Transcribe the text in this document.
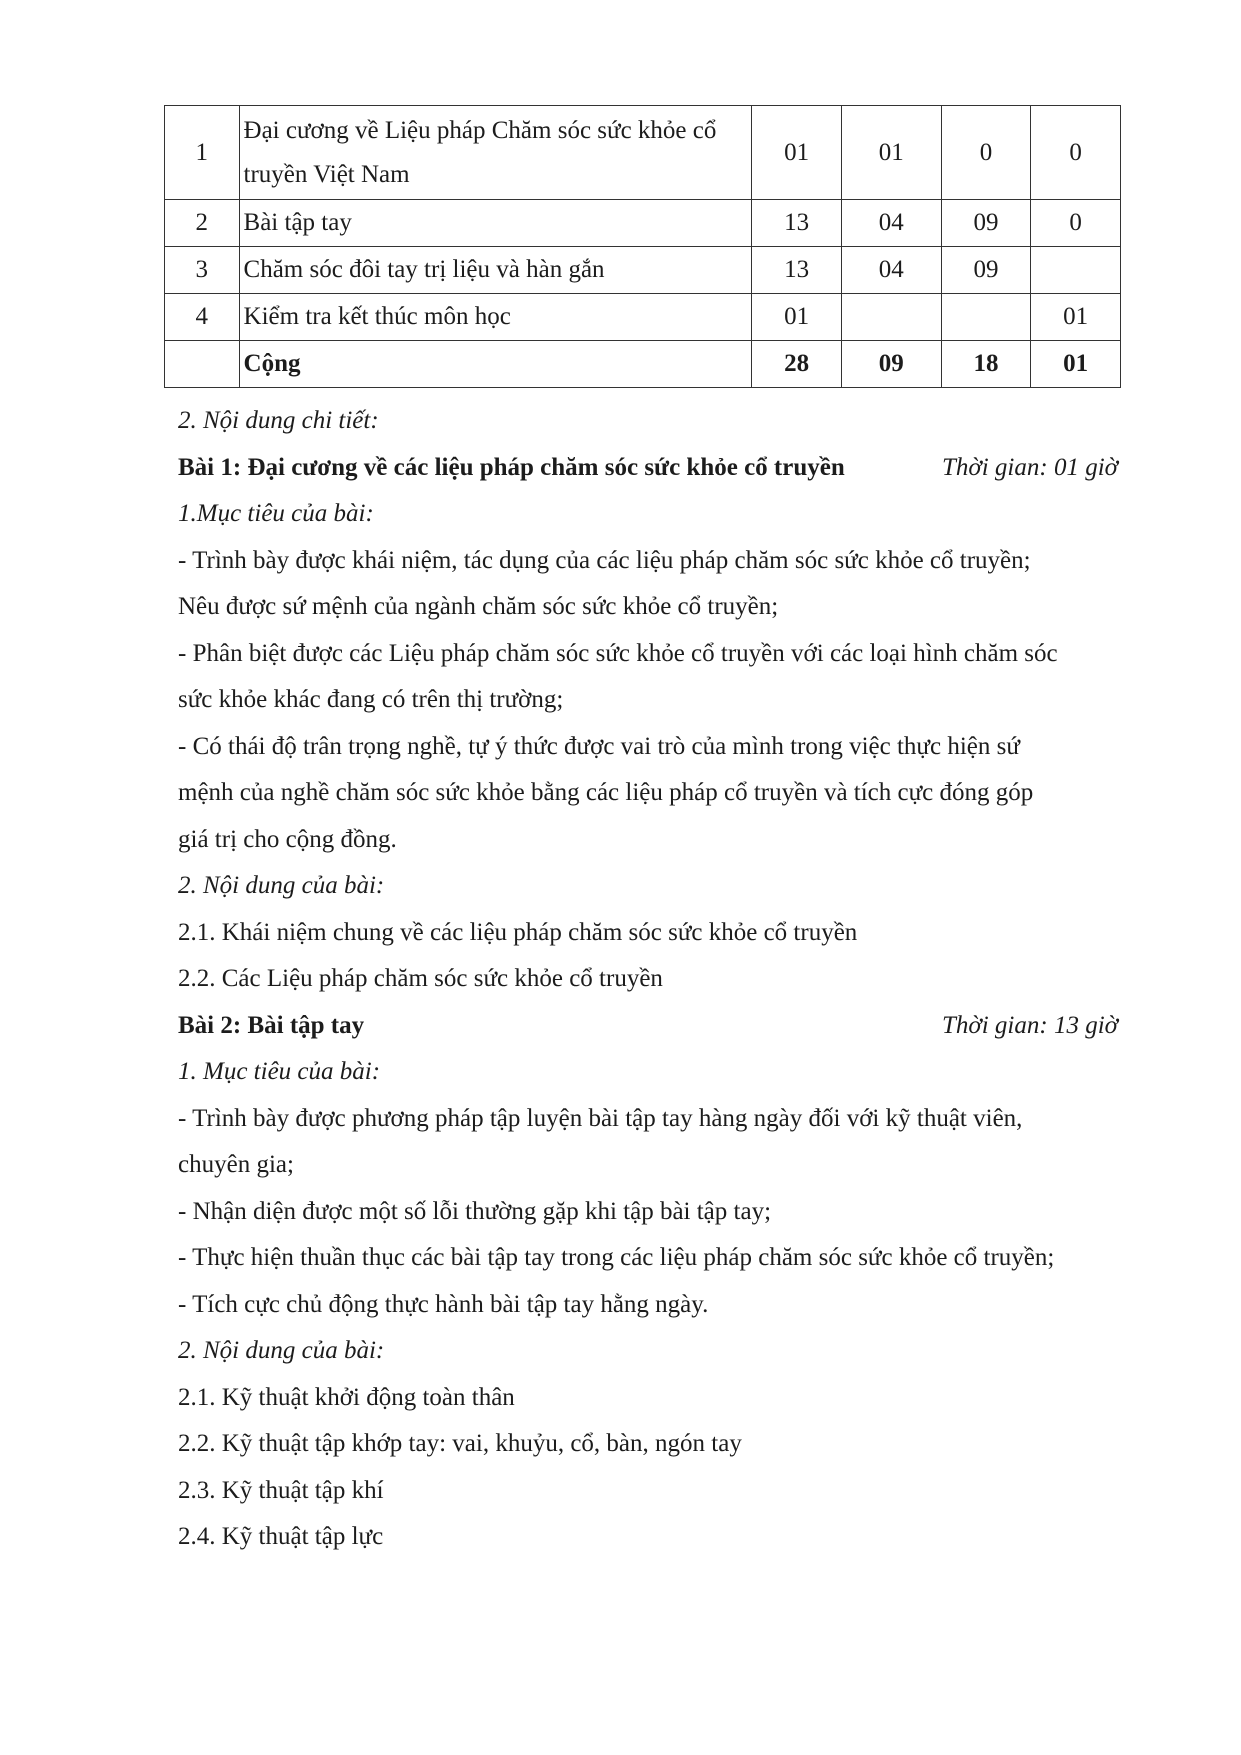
1	Đại cương về Liệu pháp Chăm sóc sức khỏe cổ
truyền Việt Nam	01	01	0	0
2	Bài tập tay	13	04	09	0
3	Chăm sóc đôi tay trị liệu và hàn gắn	13	04	09	
4	Kiểm tra kết thúc môn học	01			01
	Cộng	28	09	18	01
2. Nội dung chi tiết:
Bài 1: Đại cương về các liệu pháp chăm sóc sức khỏe cổ truyền	Thời gian: 01 giờ
1.Mục tiêu của bài:
- Trình bày được khái niệm, tác dụng của các liệu pháp chăm sóc sức khỏe cổ truyền;
Nêu được sứ mệnh của ngành chăm sóc sức khỏe cổ truyền;
- Phân biệt được các Liệu pháp chăm sóc sức khỏe cổ truyền với các loại hình chăm sóc
sức khỏe khác đang có trên thị trường;
- Có thái độ trân trọng nghề, tự ý thức được vai trò của mình trong việc thực hiện sứ
mệnh của nghề chăm sóc sức khỏe bằng các liệu pháp cổ truyền và tích cực đóng góp
giá trị cho cộng đồng.
2. Nội dung của bài:
2.1. Khái niệm chung về các liệu pháp chăm sóc sức khỏe cổ truyền
2.2. Các Liệu pháp chăm sóc sức khỏe cổ truyền
Bài 2: Bài tập tay	Thời gian: 13 giờ
1. Mục tiêu của bài:
- Trình bày được phương pháp tập luyện bài tập tay hàng ngày đối với kỹ thuật viên,
chuyên gia;
- Nhận diện được một số lỗi thường gặp khi tập bài tập tay;
- Thực hiện thuần thục các bài tập tay trong các liệu pháp chăm sóc sức khỏe cổ truyền;
- Tích cực chủ động thực hành bài tập tay hằng ngày.
2. Nội dung của bài:
2.1. Kỹ thuật khởi động toàn thân
2.2. Kỹ thuật tập khớp tay: vai, khuỷu, cổ, bàn, ngón tay
2.3. Kỹ thuật tập khí
2.4. Kỹ thuật tập lực
